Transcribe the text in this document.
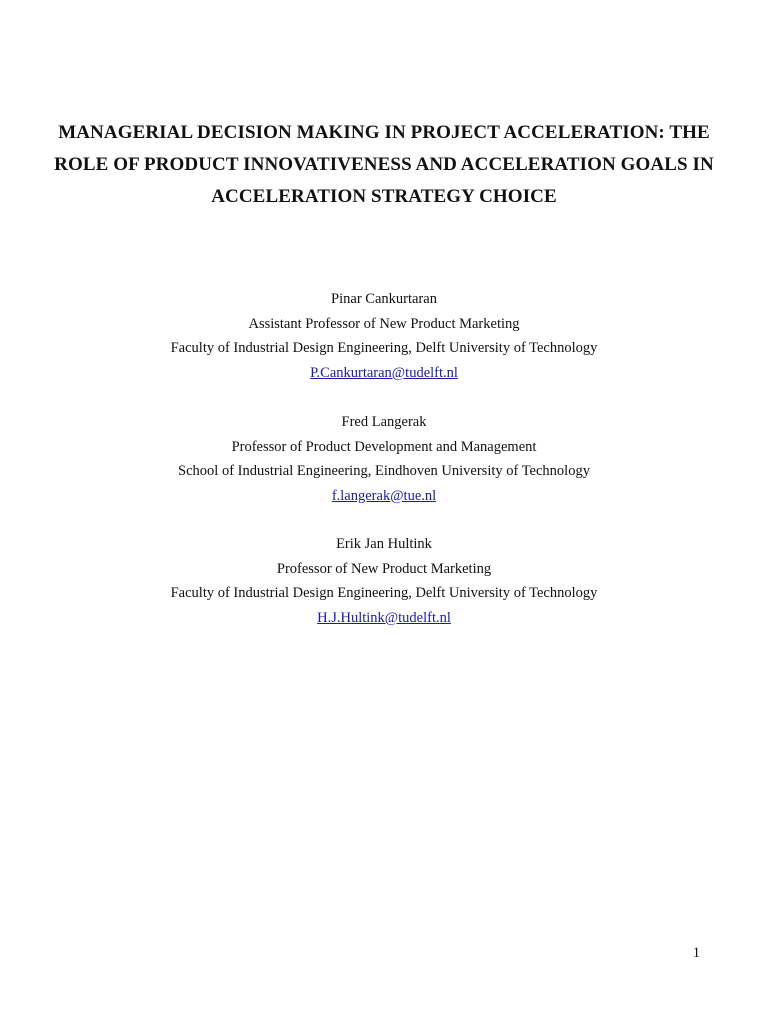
MANAGERIAL DECISION MAKING IN PROJECT ACCELERATION: THE
ROLE OF PRODUCT INNOVATIVENESS AND ACCELERATION GOALS IN
ACCELERATION STRATEGY CHOICE
Pinar Cankurtaran
Assistant Professor of New Product Marketing
Faculty of Industrial Design Engineering, Delft University of Technology
P.Cankurtaran@tudelft.nl
Fred Langerak
Professor of Product Development and Management
School of Industrial Engineering, Eindhoven University of Technology
f.langerak@tue.nl
Erik Jan Hultink
Professor of New Product Marketing
Faculty of Industrial Design Engineering, Delft University of Technology
H.J.Hultink@tudelft.nl
1
